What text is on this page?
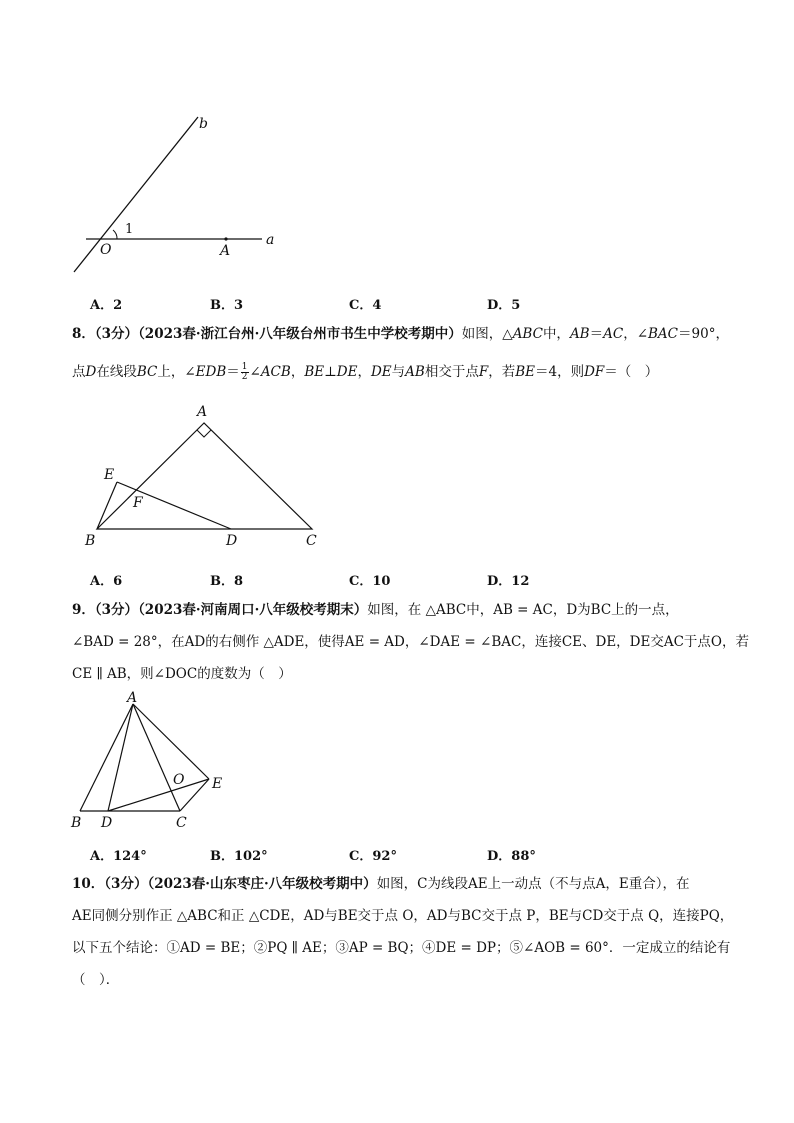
b
1
O	A
a
A．2	B．3	C．4	D．5
8．（3分）（2023春·浙江台州·八年级台州市书生中学校考期中）如图，△ABC中，AB＝AC，∠BAC＝90°，
点D在线段BC上，∠EDB＝ $\frac{1}{2}$ ∠ACB，BE⊥DE，DE与AB相交于点F，若BE＝4，则DF＝（　）
A
E
F
B	D	C
A．6	B．8	C．10	D．12
9．（3分）（2023春·河南周口·八年级校考期末）如图，在 △ABC中，AB = AC，D为BC上的一点，
∠BAD = 28°，在AD的右侧作 △ADE，使得AE = AD，∠DAE = ∠BAC，连接CE、DE，DE交AC于点O，若
CE ∥ AB，则∠DOC的度数为（　）
A
O E
B D	C
A．124°	B．102°	C．92°	D．88°
10．（3分）（2023春·山东枣庄·八年级校考期中）如图，C为线段AE上一动点（不与点A，E重合），在
AE同侧分别作正 △ABC和正 △CDE，AD与BE交于点 O，AD与BC交于点 P，BE与CD交于点 Q，连接PQ，
以下五个结论：①AD = BE；②PQ ∥ AE；③AP = BQ；④DE = DP；⑤∠AOB = 60°．一定成立的结论有
（　）．
